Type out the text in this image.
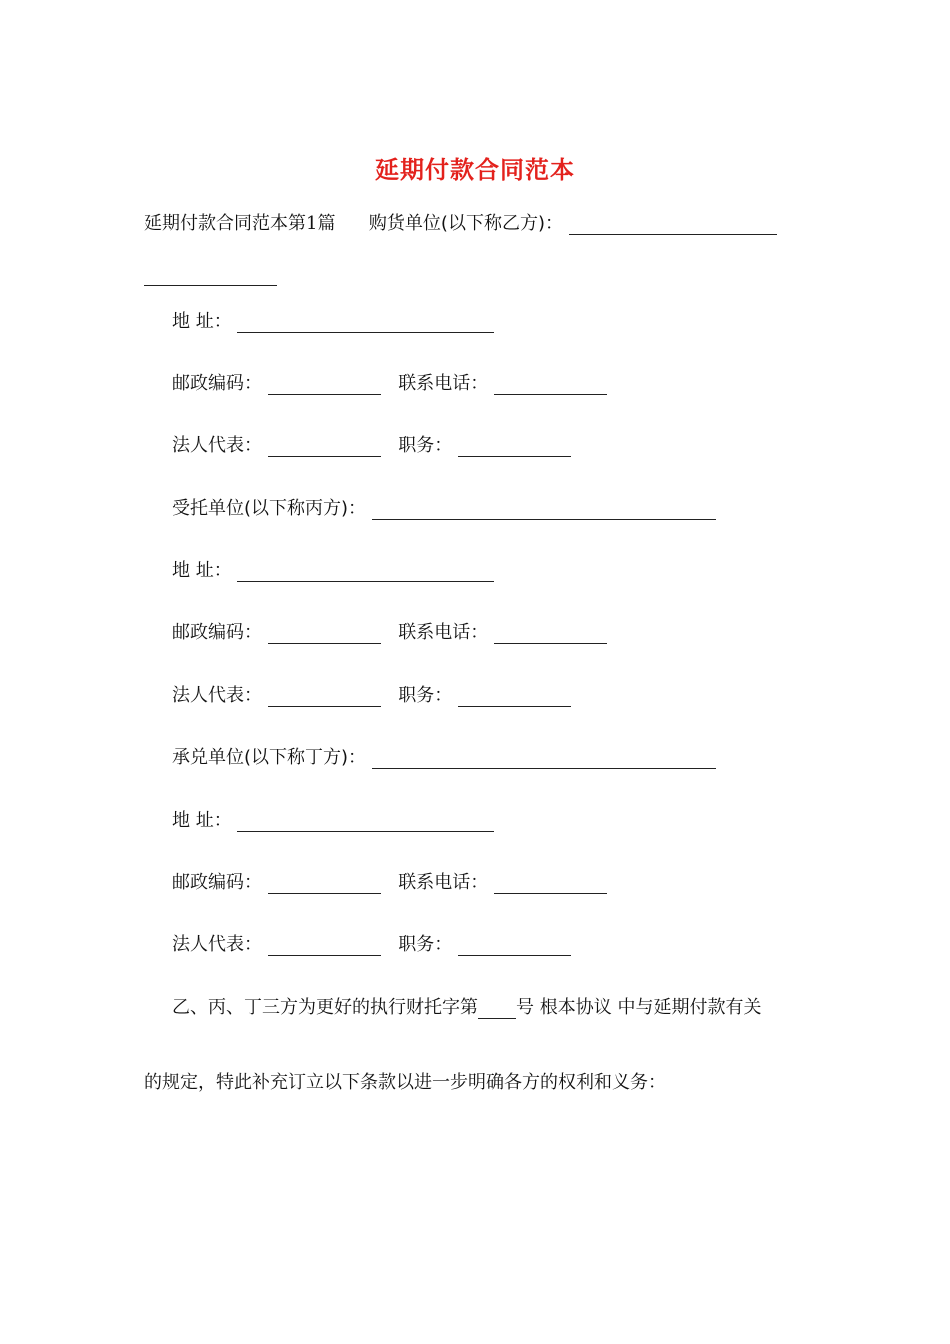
延期付款合同范本
延期付款合同范本第1篇 购货单位(以下称乙方)：
地 址：
邮政编码：	联系电话：
法人代表：	职务：
受托单位(以下称丙方)：
地 址：
邮政编码：	联系电话：
法人代表：	职务：
承兑单位(以下称丁方)：
地 址：
邮政编码：	联系电话：
法人代表：	职务：
乙、丙、丁三方为更好的执行财托字第 号 根本协议 中与延期付款有关
的规定，特此补充订立以下条款以进一步明确各方的权利和义务：
